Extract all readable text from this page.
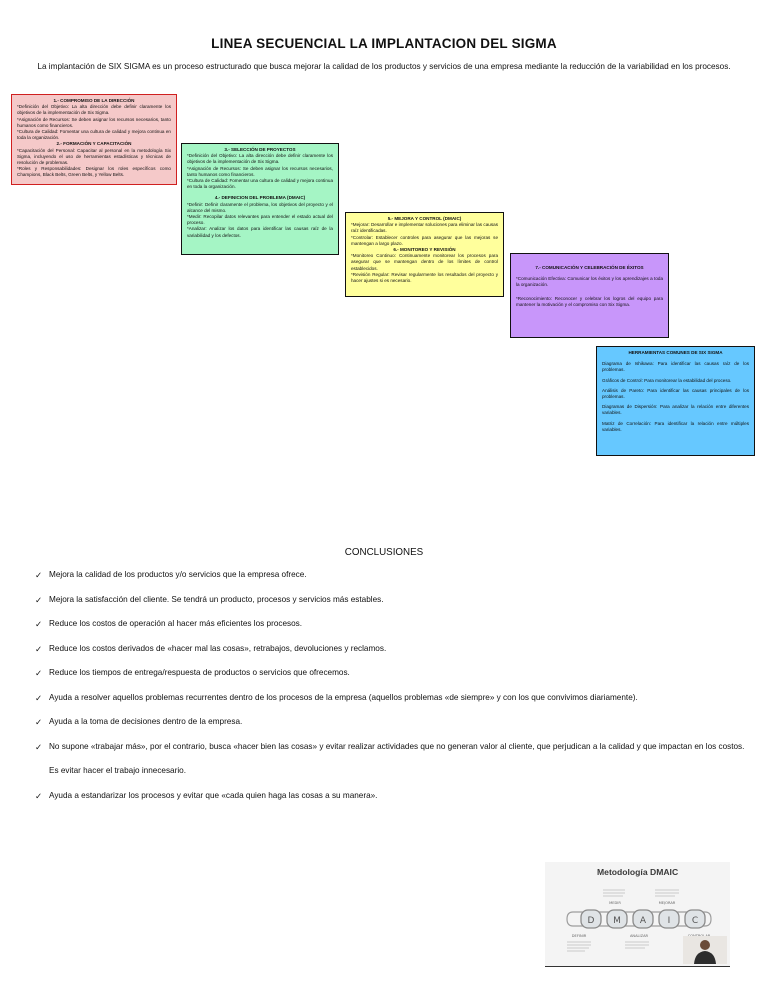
LINEA SECUENCIAL LA IMPLANTACION DEL SIGMA
La implantación de SIX SIGMA es un proceso estructurado que busca mejorar la calidad de los productos y servicios de una empresa mediante la reducción de la variabilidad en los procesos.
1.- COMPROMISO DE LA DIRECCIÓN

*Definición del Objetivo: La alta dirección debe definir claramente los objetivos de la implementación de Six Sigma.

*Asignación de Recursos: Se deben asignar los recursos necesarios, tanto humanos como financieros.

*Cultura de Calidad: Fomentar una cultura de calidad y mejora continua en toda la organización.

2.- FORMACIÓN Y CAPACITACIÓN

*Capacitación del Personal: Capacitar al personal en la metodología Six Sigma, incluyendo el uso de herramientas estadísticas y técnicas de resolución de problemas.

*Roles y Responsabilidades: Designar los roles específicos como Champions, Black Belts, Green Belts, y Yellow Belts.

3.- SELECCIÓN DE PROYECTOS

*Definición del Objetivo: La alta dirección debe definir claramente los objetivos de la implementación de Six Sigma.

*Asignación de Recursos: Se deben asignar los recursos necesarios, tanto humanos como financieros.

*Cultura de Calidad: Fomentar una cultura de calidad y mejora continua en toda la organización.

4.- DEFINICION DEL PROBLEMA (DMAIC)

*Definir: Definir claramente el problema, los objetivos del proyecto y el alcance del mismo.

*Medir: Recopilar datos relevantes para entender el estado actual del proceso.

*Analizar: Analizar los datos para identificar las causas raíz de la variabilidad y los defectos.

5.- MEJORA Y CONTROL (DMAIC)

*Mejorar: Desarrollar e implementar soluciones para eliminar las causas raíz identificadas.

*Controlar: Establecer controles para asegurar que las mejoras se mantengan a largo plazo.

6.- MONITOREO Y REVISIÓN

*Monitoreo Continuo: Continuamente monitorear los procesos para asegurar que se mantengan dentro de los límites de control establecidos.

*Revisión Regular: Revisar regularmente los resultados del proyecto y hacer ajustes si es necesario.

7.- COMUNICACIÓN Y CELEBRACIÓN DE ÉXITOS

*Comunicación Efectiva: Comunicar los éxitos y los aprendizajes a toda la organización.

*Reconocimiento: Reconocer y celebrar los logros del equipo para mantener la motivación y el compromiso con Six Sigma.

HERRAMIENTAS COMUNES DE SIX SIGMA

Diagrama de Ishikawa: Para identificar las causas raíz de los problemas.

Gráficos de Control: Para monitorear la estabilidad del proceso.

Análisis de Pareto: Para identificar las causas principales de los problemas.

Diagramas de Dispersión: Para analizar la relación entre diferentes variables.

Matriz de Correlación: Para identificar la relación entre múltiples variables.

CONCLUSIONES
✓ Mejora la calidad de los productos y/o servicios que la empresa ofrece.
✓ Mejora la satisfacción del cliente. Se tendrá un producto, procesos y servicios más estables.
✓ Reduce los costos de operación al hacer más eficientes los procesos.
✓ Reduce los costos derivados de «hacer mal las cosas», retrabajos, devoluciones y reclamos.
✓ Reduce los tiempos de entrega/respuesta de productos o servicios que ofrecemos.
✓ Ayuda a resolver aquellos problemas recurrentes dentro de los procesos de la empresa (aquellos problemas «de siempre» y con los que convivimos diariamente).
✓ Ayuda a la toma de decisiones dentro de la empresa.
✓ No supone «trabajar más», por el contrario, busca «hacer bien las cosas» y evitar realizar actividades que no generan valor al cliente, que perjudican a la calidad y que impactan en los costos. Es evitar hacer el trabajo innecesario.
✓ Ayuda a estandarizar los procesos y evitar que «cada quien haga las cosas a su manera».
Metodología DMAIC
D M A I C
MEDIR	MEJORAR
DEFINIR	ANALIZAR
